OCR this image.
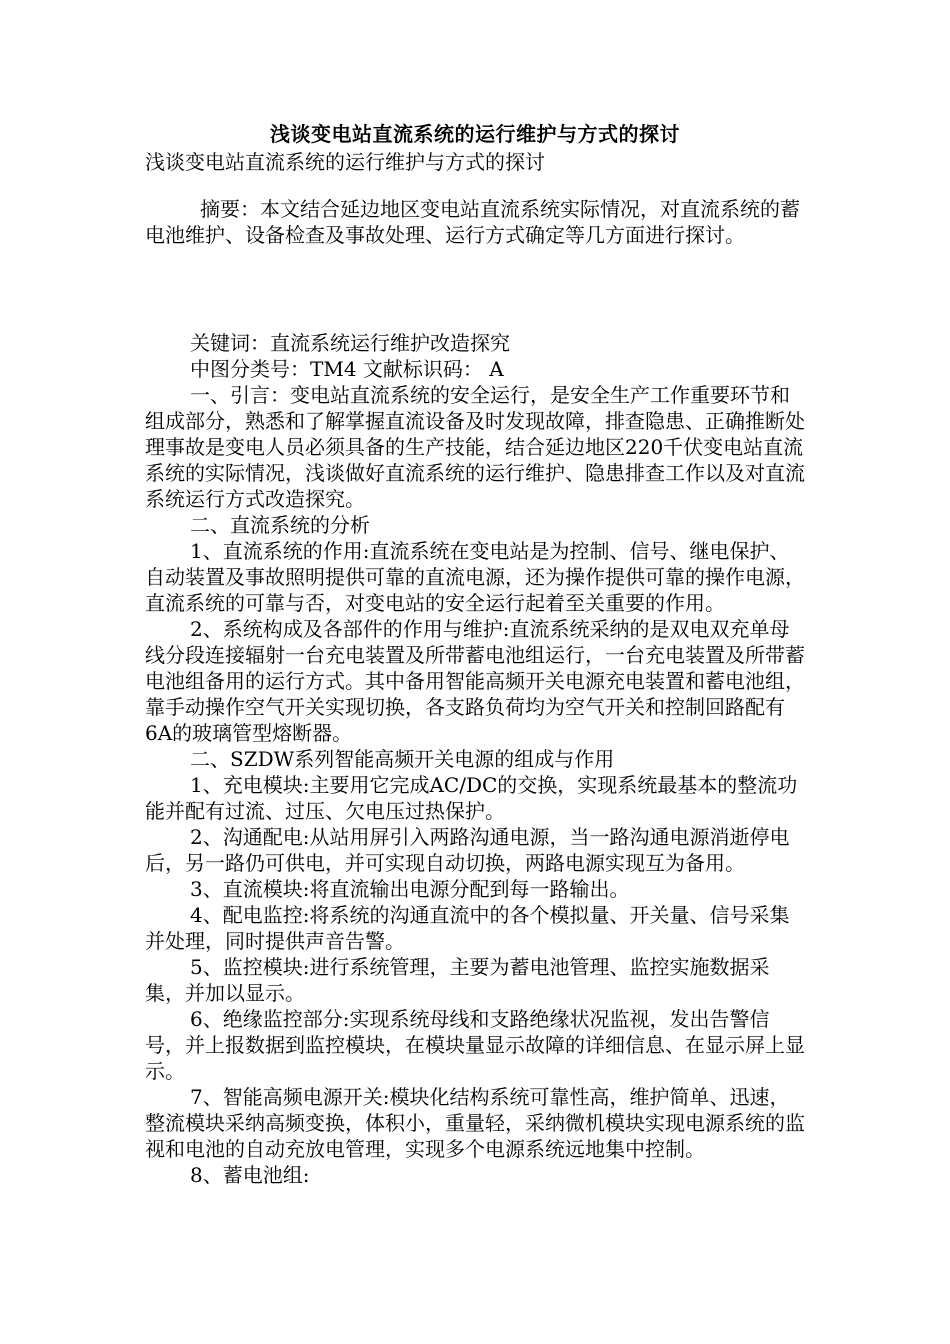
浅谈变电站直流系统的运行维护与方式的探讨

浅谈变电站直流系统的运行维护与方式的探讨

摘要：本文结合延边地区变电站直流系统实际情况，对直流系统的蓄电池维护、设备检查及事故处理、运行方式确定等几方面进行探讨。

关键词：直流系统运行维护改造探究

中图分类号：TM4 文献标识码： A

一、引言：变电站直流系统的安全运行，是安全生产工作重要环节和组成部分，熟悉和了解掌握直流设备及时发现故障，排查隐患、正确推断处理事故是变电人员必须具备的生产技能，结合延边地区220千伏变电站直流系统的实际情况，浅谈做好直流系统的运行维护、隐患排查工作以及对直流系统运行方式改造探究。

二、直流系统的分析

1、直流系统的作用:直流系统在变电站是为控制、信号、继电保护、自动装置及事故照明提供可靠的直流电源，还为操作提供可靠的操作电源，直流系统的可靠与否，对变电站的安全运行起着至关重要的作用。

2、系统构成及各部件的作用与维护:直流系统采纳的是双电双充单母线分段连接辐射一台充电装置及所带蓄电池组运行，一台充电装置及所带蓄电池组备用的运行方式。其中备用智能高频开关电源充电装置和蓄电池组，靠手动操作空气开关实现切换，各支路负荷均为空气开关和控制回路配有6A的玻璃管型熔断器。

二、SZDW系列智能高频开关电源的组成与作用

1、充电模块:主要用它完成AC/DC的交换，实现系统最基本的整流功能并配有过流、过压、欠电压过热保护。

2、沟通配电:从站用屏引入两路沟通电源，当一路沟通电源消逝停电后，另一路仍可供电，并可实现自动切换，两路电源实现互为备用。

3、直流模块:将直流输出电源分配到每一路输出。

4、配电监控:将系统的沟通直流中的各个模拟量、开关量、信号采集并处理，同时提供声音告警。

5、监控模块:进行系统管理，主要为蓄电池管理、监控实施数据采集，并加以显示。

6、绝缘监控部分:实现系统母线和支路绝缘状况监视，发出告警信号，并上报数据到监控模块，在模块量显示故障的详细信息、在显示屏上显示。

7、智能高频电源开关:模块化结构系统可靠性高，维护简单、迅速，整流模块采纳高频变换，体积小，重量轻，采纳微机模块实现电源系统的监视和电池的自动充放电管理，实现多个电源系统远地集中控制。

8、蓄电池组:
